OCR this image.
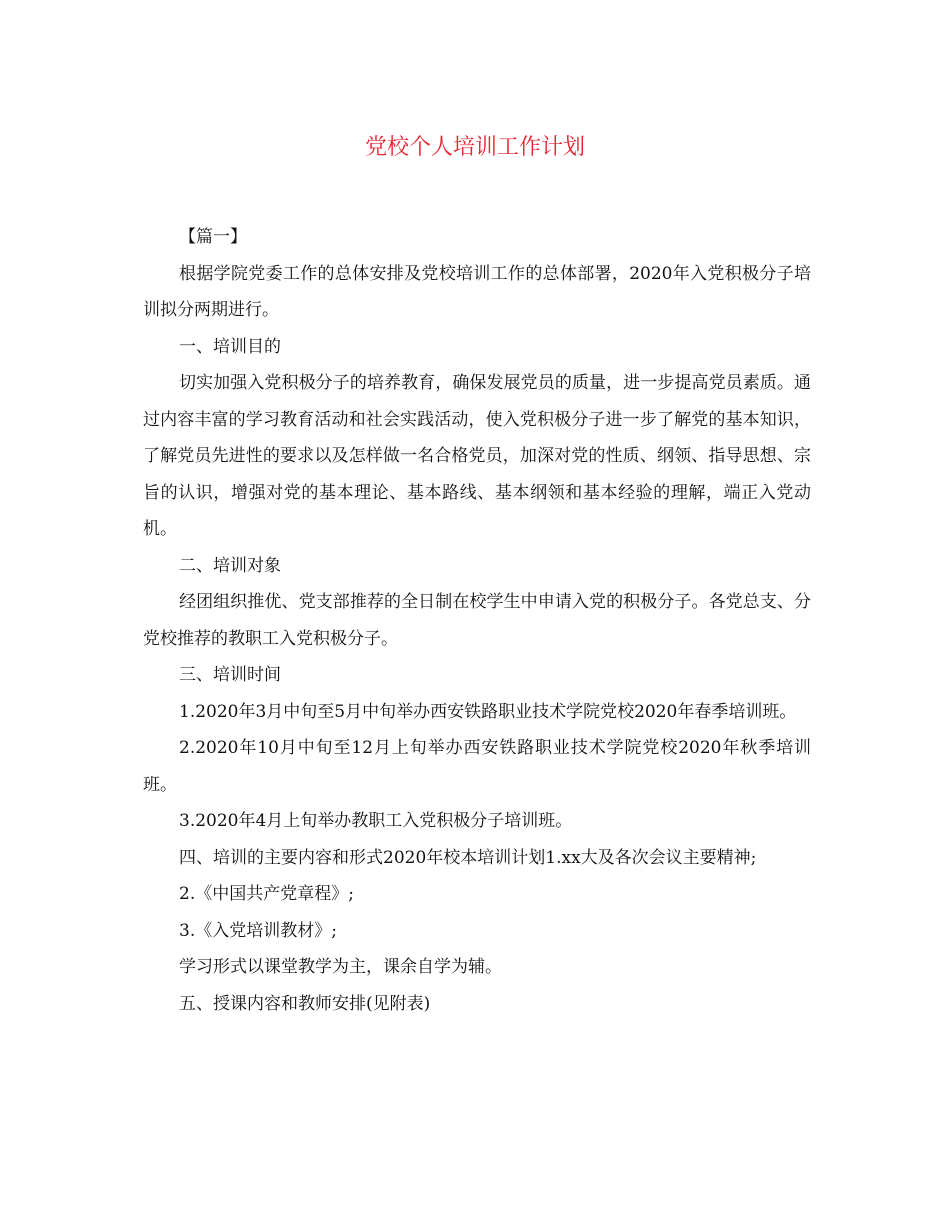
党校个人培训工作计划

【篇一】

根据学院党委工作的总体安排及党校培训工作的总体部署，2020年入党积极分子培训拟分两期进行。

一、培训目的

切实加强入党积极分子的培养教育，确保发展党员的质量，进一步提高党员素质。通过内容丰富的学习教育活动和社会实践活动，使入党积极分子进一步了解党的基本知识，了解党员先进性的要求以及怎样做一名合格党员，加深对党的性质、纲领、指导思想、宗旨的认识，增强对党的基本理论、基本路线、基本纲领和基本经验的理解，端正入党动机。

二、培训对象

经团组织推优、党支部推荐的全日制在校学生中申请入党的积极分子。各党总支、分党校推荐的教职工入党积极分子。

三、培训时间

1.2020年3月中旬至5月中旬举办西安铁路职业技术学院党校2020年春季培训班。

2.2020年10月中旬至12月上旬举办西安铁路职业技术学院党校2020年秋季培训班。

3.2020年4月上旬举办教职工入党积极分子培训班。

四、培训的主要内容和形式2020年校本培训计划1.xx大及各次会议主要精神;

2.《中国共产党章程》;

3.《入党培训教材》;

学习形式以课堂教学为主，课余自学为辅。

五、授课内容和教师安排(见附表)
